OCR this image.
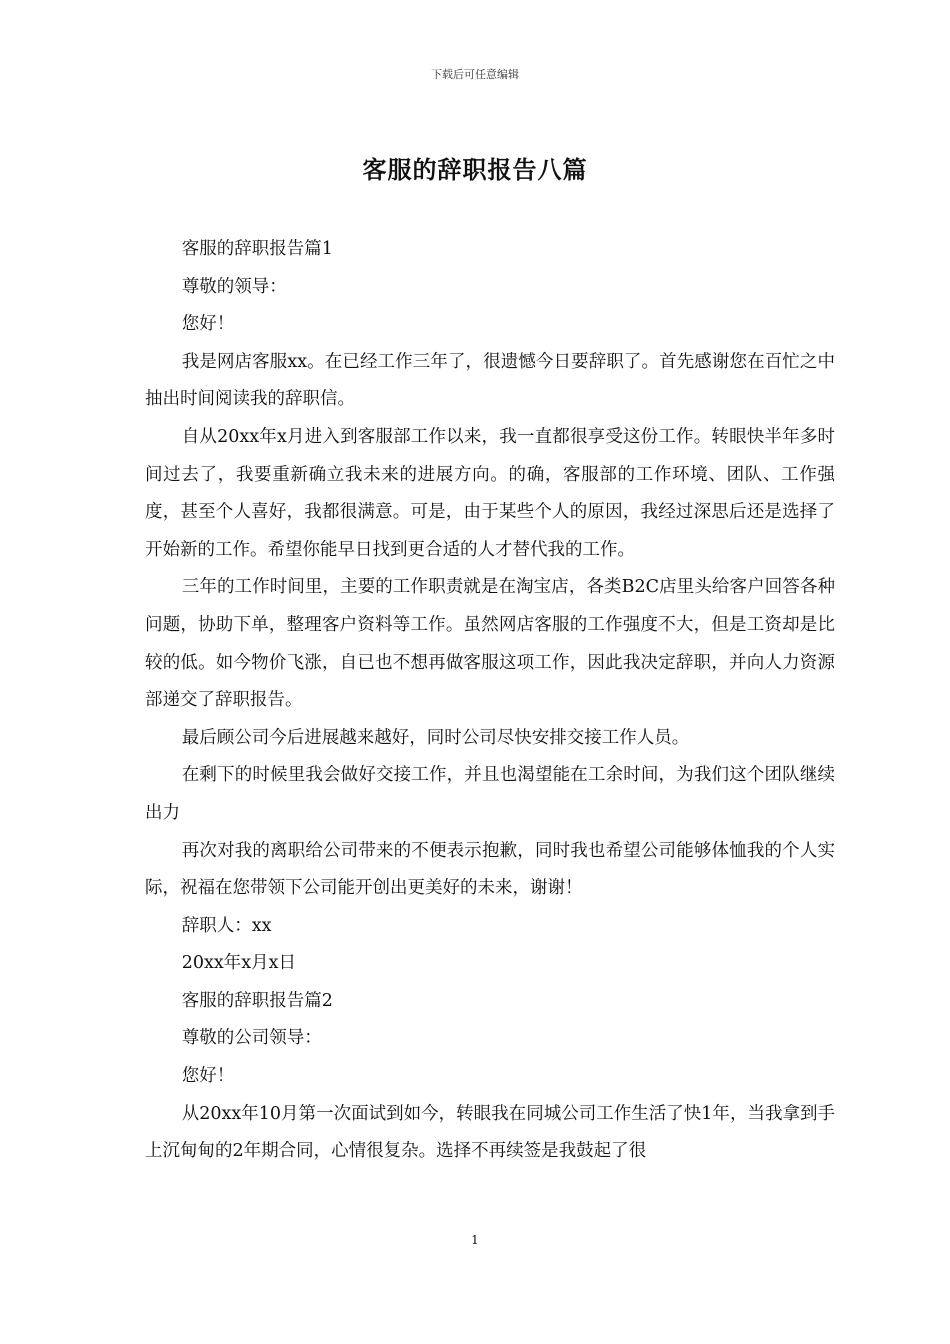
下载后可任意编辑
客服的辞职报告八篇

客服的辞职报告篇1

尊敬的领导：

您好！

我是网店客服xx。在已经工作三年了，很遗憾今日要辞职了。首先感谢您在百忙之中抽出时间阅读我的辞职信。

自从20xx年x月进入到客服部工作以来，我一直都很享受这份工作。转眼快半年多时间过去了，我要重新确立我未来的进展方向。的确，客服部的工作环境、团队、工作强度，甚至个人喜好，我都很满意。可是，由于某些个人的原因，我经过深思后还是选择了开始新的工作。希望你能早日找到更合适的人才替代我的工作。

三年的工作时间里，主要的工作职责就是在淘宝店，各类B2C店里头给客户回答各种问题，协助下单，整理客户资料等工作。虽然网店客服的工作强度不大，但是工资却是比较的低。如今物价飞涨，自已也不想再做客服这项工作，因此我决定辞职，并向人力资源部递交了辞职报告。

最后顾公司今后进展越来越好，同时公司尽快安排交接工作人员。

在剩下的时候里我会做好交接工作，并且也渴望能在工余时间，为我们这个团队继续出力

再次对我的离职给公司带来的不便表示抱歉，同时我也希望公司能够体恤我的个人实际，祝福在您带领下公司能开创出更美好的未来，谢谢！

辞职人：xx

20xx年x月x日

客服的辞职报告篇2

尊敬的公司领导：

您好！

从20xx年10月第一次面试到如今，转眼我在同城公司工作生活了快1年，当我拿到手上沉甸甸的2年期合同，心情很复杂。选择不再续签是我鼓起了很

1
